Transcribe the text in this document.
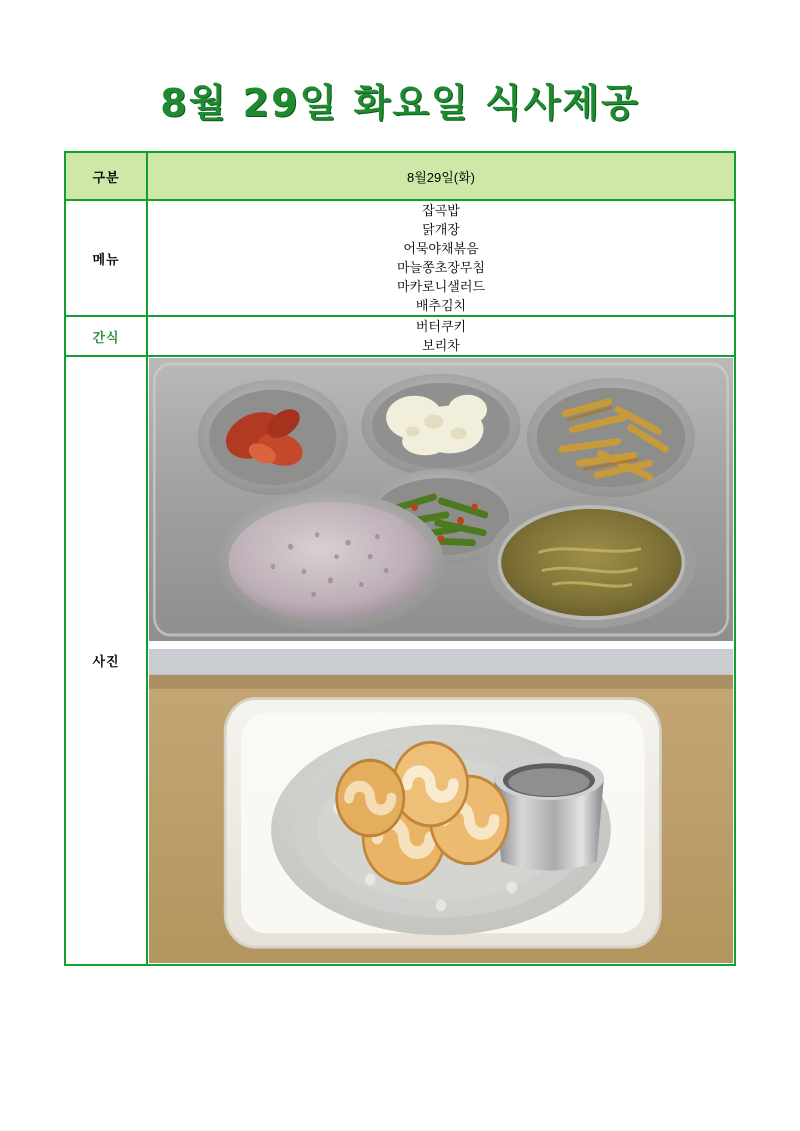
8월 29일 화요일 식사제공
구분	8월29일(화)
메뉴	
잡곡밥
닭개장
어묵야채볶음
마늘쫑초장무침
마카로니샐러드
배추김치

간식	버터쿠키
보리차

사진	
